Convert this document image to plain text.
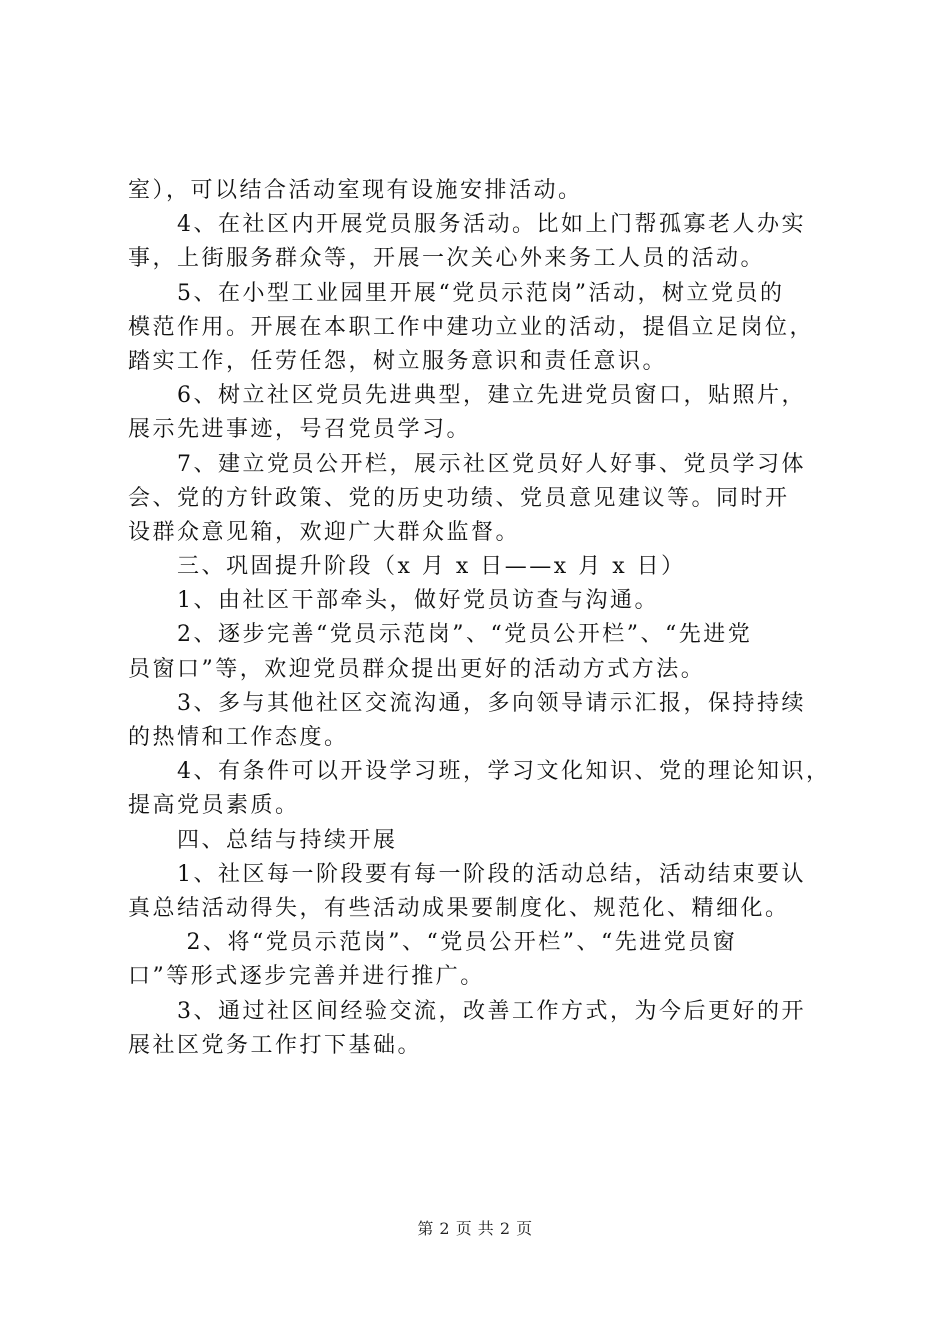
室），可以结合活动室现有设施安排活动。
　　4、在社区内开展党员服务活动。比如上门帮孤寡老人办实
事，上街服务群众等，开展一次关心外来务工人员的活动。
　　5、在小型工业园里开展“党员示范岗”活动，树立党员的
模范作用。开展在本职工作中建功立业的活动，提倡立足岗位，
踏实工作，任劳任怨，树立服务意识和责任意识。
　　6、树立社区党员先进典型，建立先进党员窗口，贴照片，
展示先进事迹，号召党员学习。
　　7、建立党员公开栏，展示社区党员好人好事、党员学习体
会、党的方针政策、党的历史功绩、党员意见建议等。同时开
设群众意见箱，欢迎广大群众监督。
　　三、巩固提升阶段（x 月 x 日——x 月 x 日）
　　1、由社区干部牵头，做好党员访查与沟通。
　　2、逐步完善“党员示范岗”、“党员公开栏”、“先进党
员窗口”等，欢迎党员群众提出更好的活动方式方法。
　　3、多与其他社区交流沟通，多向领导请示汇报，保持持续
的热情和工作态度。
　　4、有条件可以开设学习班，学习文化知识、党的理论知识，
提高党员素质。
　　四、总结与持续开展
　　1、社区每一阶段要有每一阶段的活动总结，活动结束要认
真总结活动得失，有些活动成果要制度化、规范化、精细化。
　　 2、将“党员示范岗”、“党员公开栏”、“先进党员窗
口”等形式逐步完善并进行推广。
　　3、通过社区间经验交流，改善工作方式，为今后更好的开
展社区党务工作打下基础。
第 2 页 共 2 页
